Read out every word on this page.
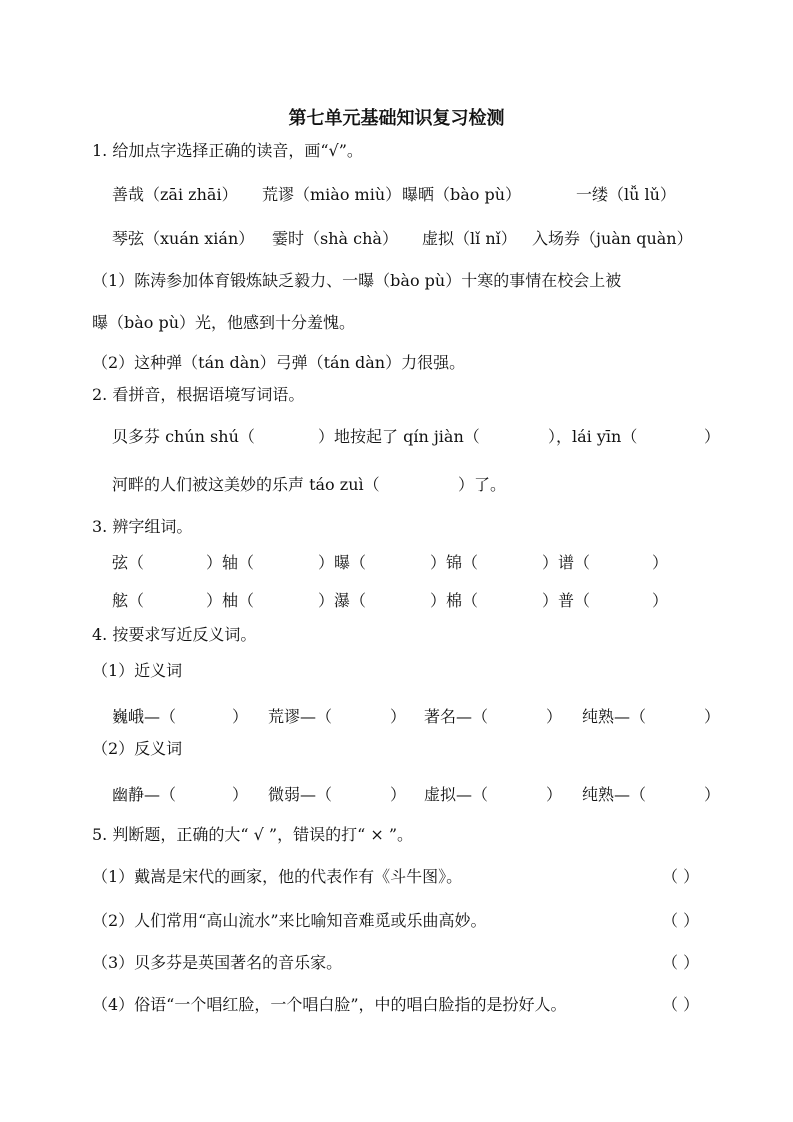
第七单元基础知识复习检测
1. 给加点字选择正确的读音，画“√”。
善哉（zāi zhāi） 荒谬（miào miù） 曝晒（bào pù）	一缕（lǚ lǔ）
琴弦（xuán xián） 霎时（shà chà） 虚拟（lǐ nǐ） 入场券（juàn quàn）
（1）陈涛参加体育锻炼缺乏毅力、一曝（bào pù）十寒的事情在校会上被
曝（bào pù）光，他感到十分羞愧。
（2）这种弹（tán dàn）弓弹（tán dàn）力很强。
2. 看拼音，根据语境写词语。
贝多芬 chún shú（	）地按起了 qín jiàn（	），lái yīn（	）
河畔的人们被这美妙的乐声 táo zuì（	）了。
3. 辨字组词。
弦（	）轴（	）曝（	）锦（	）谱（	）
舷（	）柚（	）瀑（	）棉（	）普（	）
4. 按要求写近反义词。
（1）近义词
巍峨—（	） 荒谬—（	） 著名—（	） 纯熟—（	）
（2）反义词
幽静—（	） 微弱—（	） 虚拟—（	） 纯熟—（	）
5. 判断题，正确的大“ √ ”，错误的打“ × ”。
（1）戴嵩是宋代的画家，他的代表作有《斗牛图》。	（ ）
（2）人们常用“高山流水”来比喻知音难觅或乐曲高妙。	（ ）
（3）贝多芬是英国著名的音乐家。	（ ）
（4）俗语“一个唱红脸，一个唱白脸”，中的唱白脸指的是扮好人。	（ ）
